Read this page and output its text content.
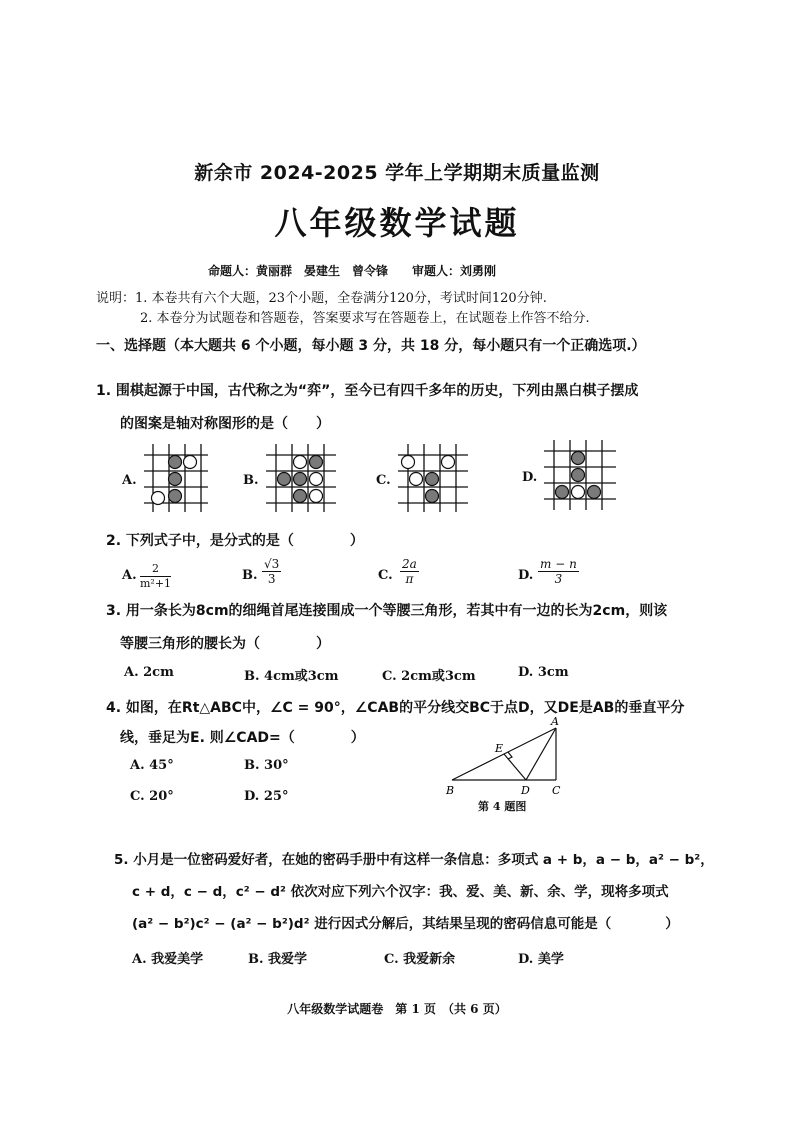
新余市 2024-2025 学年上学期期末质量监测
八年级数学试题
命题人：黄丽群　晏建生　曾令锋　　审题人：刘勇刚
说明：1. 本卷共有六个大题，23个小题，全卷满分120分，考试时间120分钟.
2. 本卷分为试题卷和答题卷，答案要求写在答题卷上，在试题卷上作答不给分.
一、选择题（本大题共 6 个小题，每小题 3 分，共 18 分，每小题只有一个正确选项.）
1. 围棋起源于中国，古代称之为“弈”，至今已有四千多年的历史，下列由黑白棋子摆成
的图案是轴对称图形的是（　　）
A.	B.	C.	D.
2. 下列式子中，是分式的是（　　　　）
A. $\frac{2}{\text{m²+1}}$	B. $\frac{√3}{3}$	C. $\frac{2a}{\pi}$	D. $\frac{m - n}{3}$
3. 用一条长为8cm的细绳首尾连接围成一个等腰三角形，若其中有一边的长为2cm，则该
等腰三角形的腰长为（　　　　）
A. 2cm	B. 4cm或3cm	C. 2cm或3cm	D. 3cm
4. 如图，在Rt△ABC中，∠C = 90°，∠CAB的平分线交BC于点D，又DE是AB的垂直平分
线，垂足为E. 则∠CAD=（　　　　）
A. 45°	B. 30°
C. 20°	D. 25°
A
E
B	D C
第 4 题图
5. 小月是一位密码爱好者，在她的密码手册中有这样一条信息：多项式 a + b，a − b，a² − b²，
c + d，c − d，c² − d² 依次对应下列六个汉字：我、爱、美、新、余、学，现将多项式
(a² − b²)c² − (a² − b²)d² 进行因式分解后，其结果呈现的密码信息可能是（　　　　）
A. 我爱美学	B. 我爱学	C. 我爱新余	D. 美学
八年级数学试题卷　第 1 页　（共 6 页）
